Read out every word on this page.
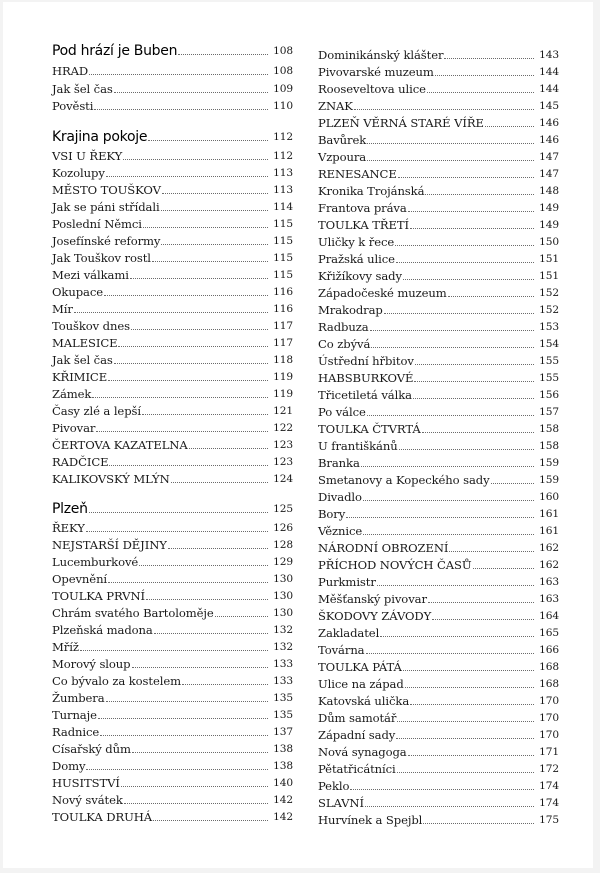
Pod hrází je Buben	108
HRAD	108
Jak šel čas	109
Pověsti	110
Krajina pokoje	112
VSI U ŘEKY	112
Kozolupy	113
MĚSTO TOUŠKOV	113
Jak se páni střídali	114
Poslední Němci	115
Josefínské reformy	115
Jak Touškov rostl	115
Mezi válkami	115
Okupace	116
Mír	116
Touškov dnes	117
MALESICE	117
Jak šel čas	118
KŘIMICE	119
Zámek	119
Časy zlé a lepší	121
Pivovar	122
ČERTOVA KAZATELNA	123
RADČICE	123
KALIKOVSKÝ MLÝN	124
Plzeň	125
ŘEKY	126
NEJSTARŠÍ DĚJINY	128
Lucemburkové	129
Opevnění	130
TOULKA PRVNÍ	130
Chrám svatého Bartoloměje	130
Plzeňská madona	132
Mříž	132
Morový sloup	133
Co bývalo za kostelem	133
Žumbera	135
Turnaje	135
Radnice	137
Císařský dům	138
Domy	138
HUSITSTVÍ	140
Nový svátek	142
TOULKA DRUHÁ	142
Dominikánský klášter	143
Pivovarské muzeum	144
Rooseveltova ulice	144
ZNAK	145
PLZEŇ VĚRNÁ STARÉ VÍŘE	146
Bavůrek	146
Vzpoura	147
RENESANCE	147
Kronika Trojánská	148
Frantova práva	149
TOULKA TŘETÍ	149
Uličky k řece	150
Pražská ulice	151
Křižíkovy sady	151
Západočeské muzeum	152
Mrakodrap	152
Radbuza	153
Co zbývá	154
Ústřední hřbitov	155
HABSBURKOVÉ	155
Třicetiletá válka	156
Po válce	157
TOULKA ČTVRTÁ	158
U františkánů	158
Branka	159
Smetanovy a Kopeckého sady	159
Divadlo	160
Bory	161
Věznice	161
NÁRODNÍ OBROZENÍ	162
PŘÍCHOD NOVÝCH ČASŮ	162
Purkmistr	163
Měšťanský pivovar	163
ŠKODOVY ZÁVODY	164
Zakladatel	165
Továrna	166
TOULKA PÁTÁ	168
Ulice na západ	168
Katovská ulička	170
Dům samotář	170
Západní sady	170
Nová synagoga	171
Pětatřicátníci	172
Peklo	174
SLAVNÍ	174
Hurvínek a Spejbl	175
